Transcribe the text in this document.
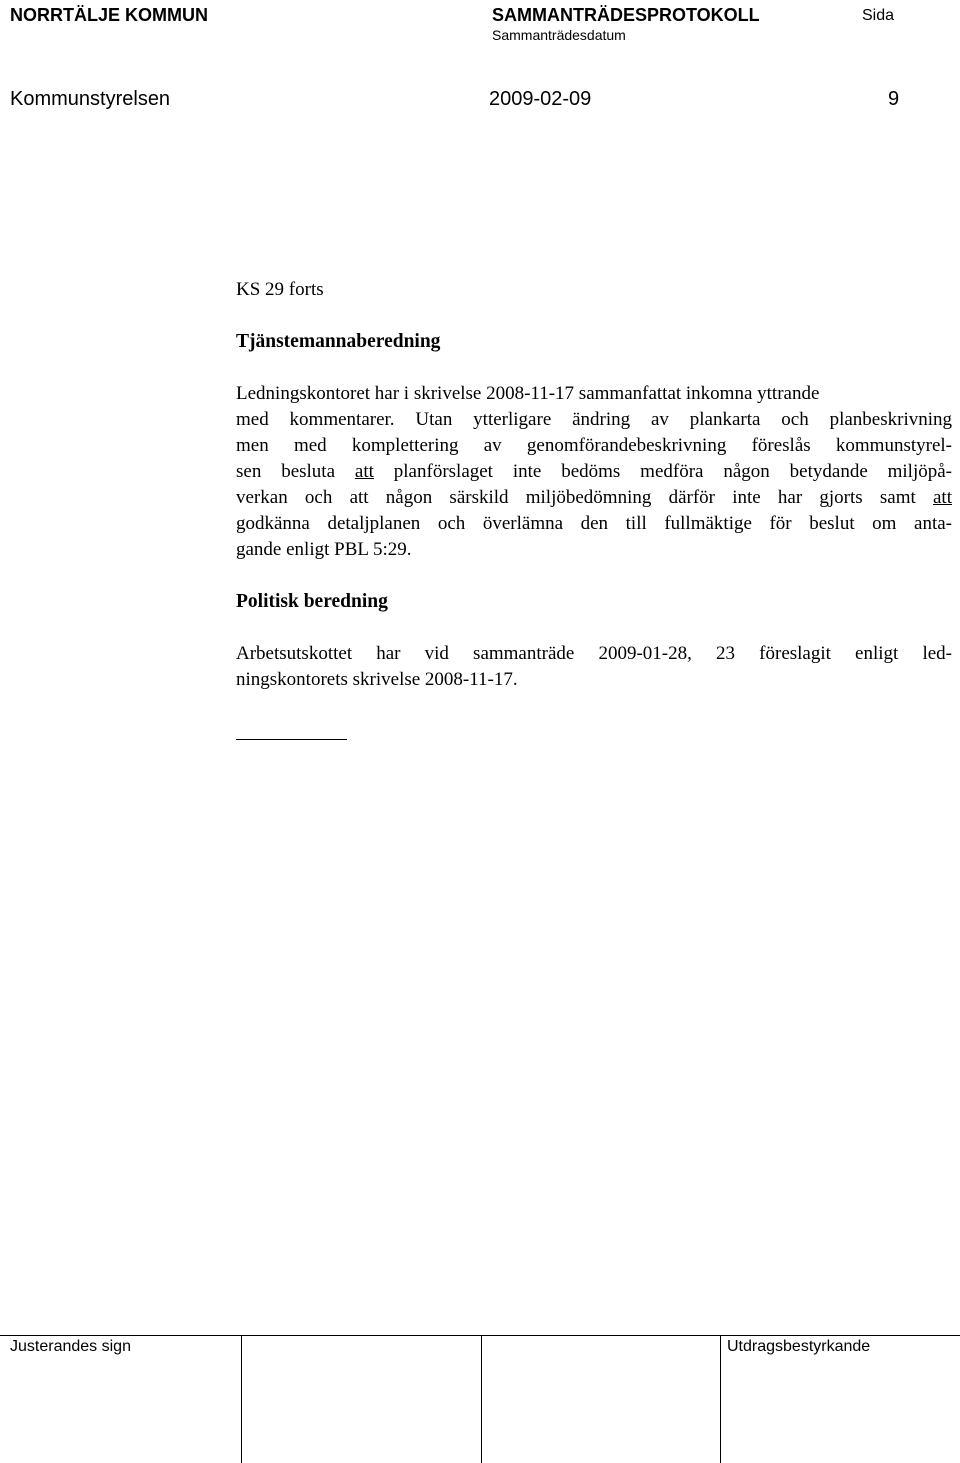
NORRTÄLJE KOMMUN	SAMMANTRÄDESPROTOKOLL
Sammanträdesdatum
Sida
Kommunstyrelsen	2009-02-09	9
KS 29 forts
Tjänstemannaberedning
Ledningskontoret har i skrivelse 2008-11-17 sammanfattat inkomna yttrande
med kommentarer. Utan ytterligare ändring av plankarta och planbeskrivning
men med komplettering av genomförandebeskrivning föreslås kommunstyrel-
sen besluta att planförslaget inte bedöms medföra någon betydande miljöpå-
verkan och att någon särskild miljöbedömning därför inte har gjorts samt att
godkänna detaljplanen och överlämna den till fullmäktige för beslut om anta-
gande enligt PBL 5:29.
Politisk beredning
Arbetsutskottet har vid sammanträde 2009-01-28, 23 föreslagit enligt led-
ningskontorets skrivelse 2008-11-17.
Justerandes sign	Utdragsbestyrkande
